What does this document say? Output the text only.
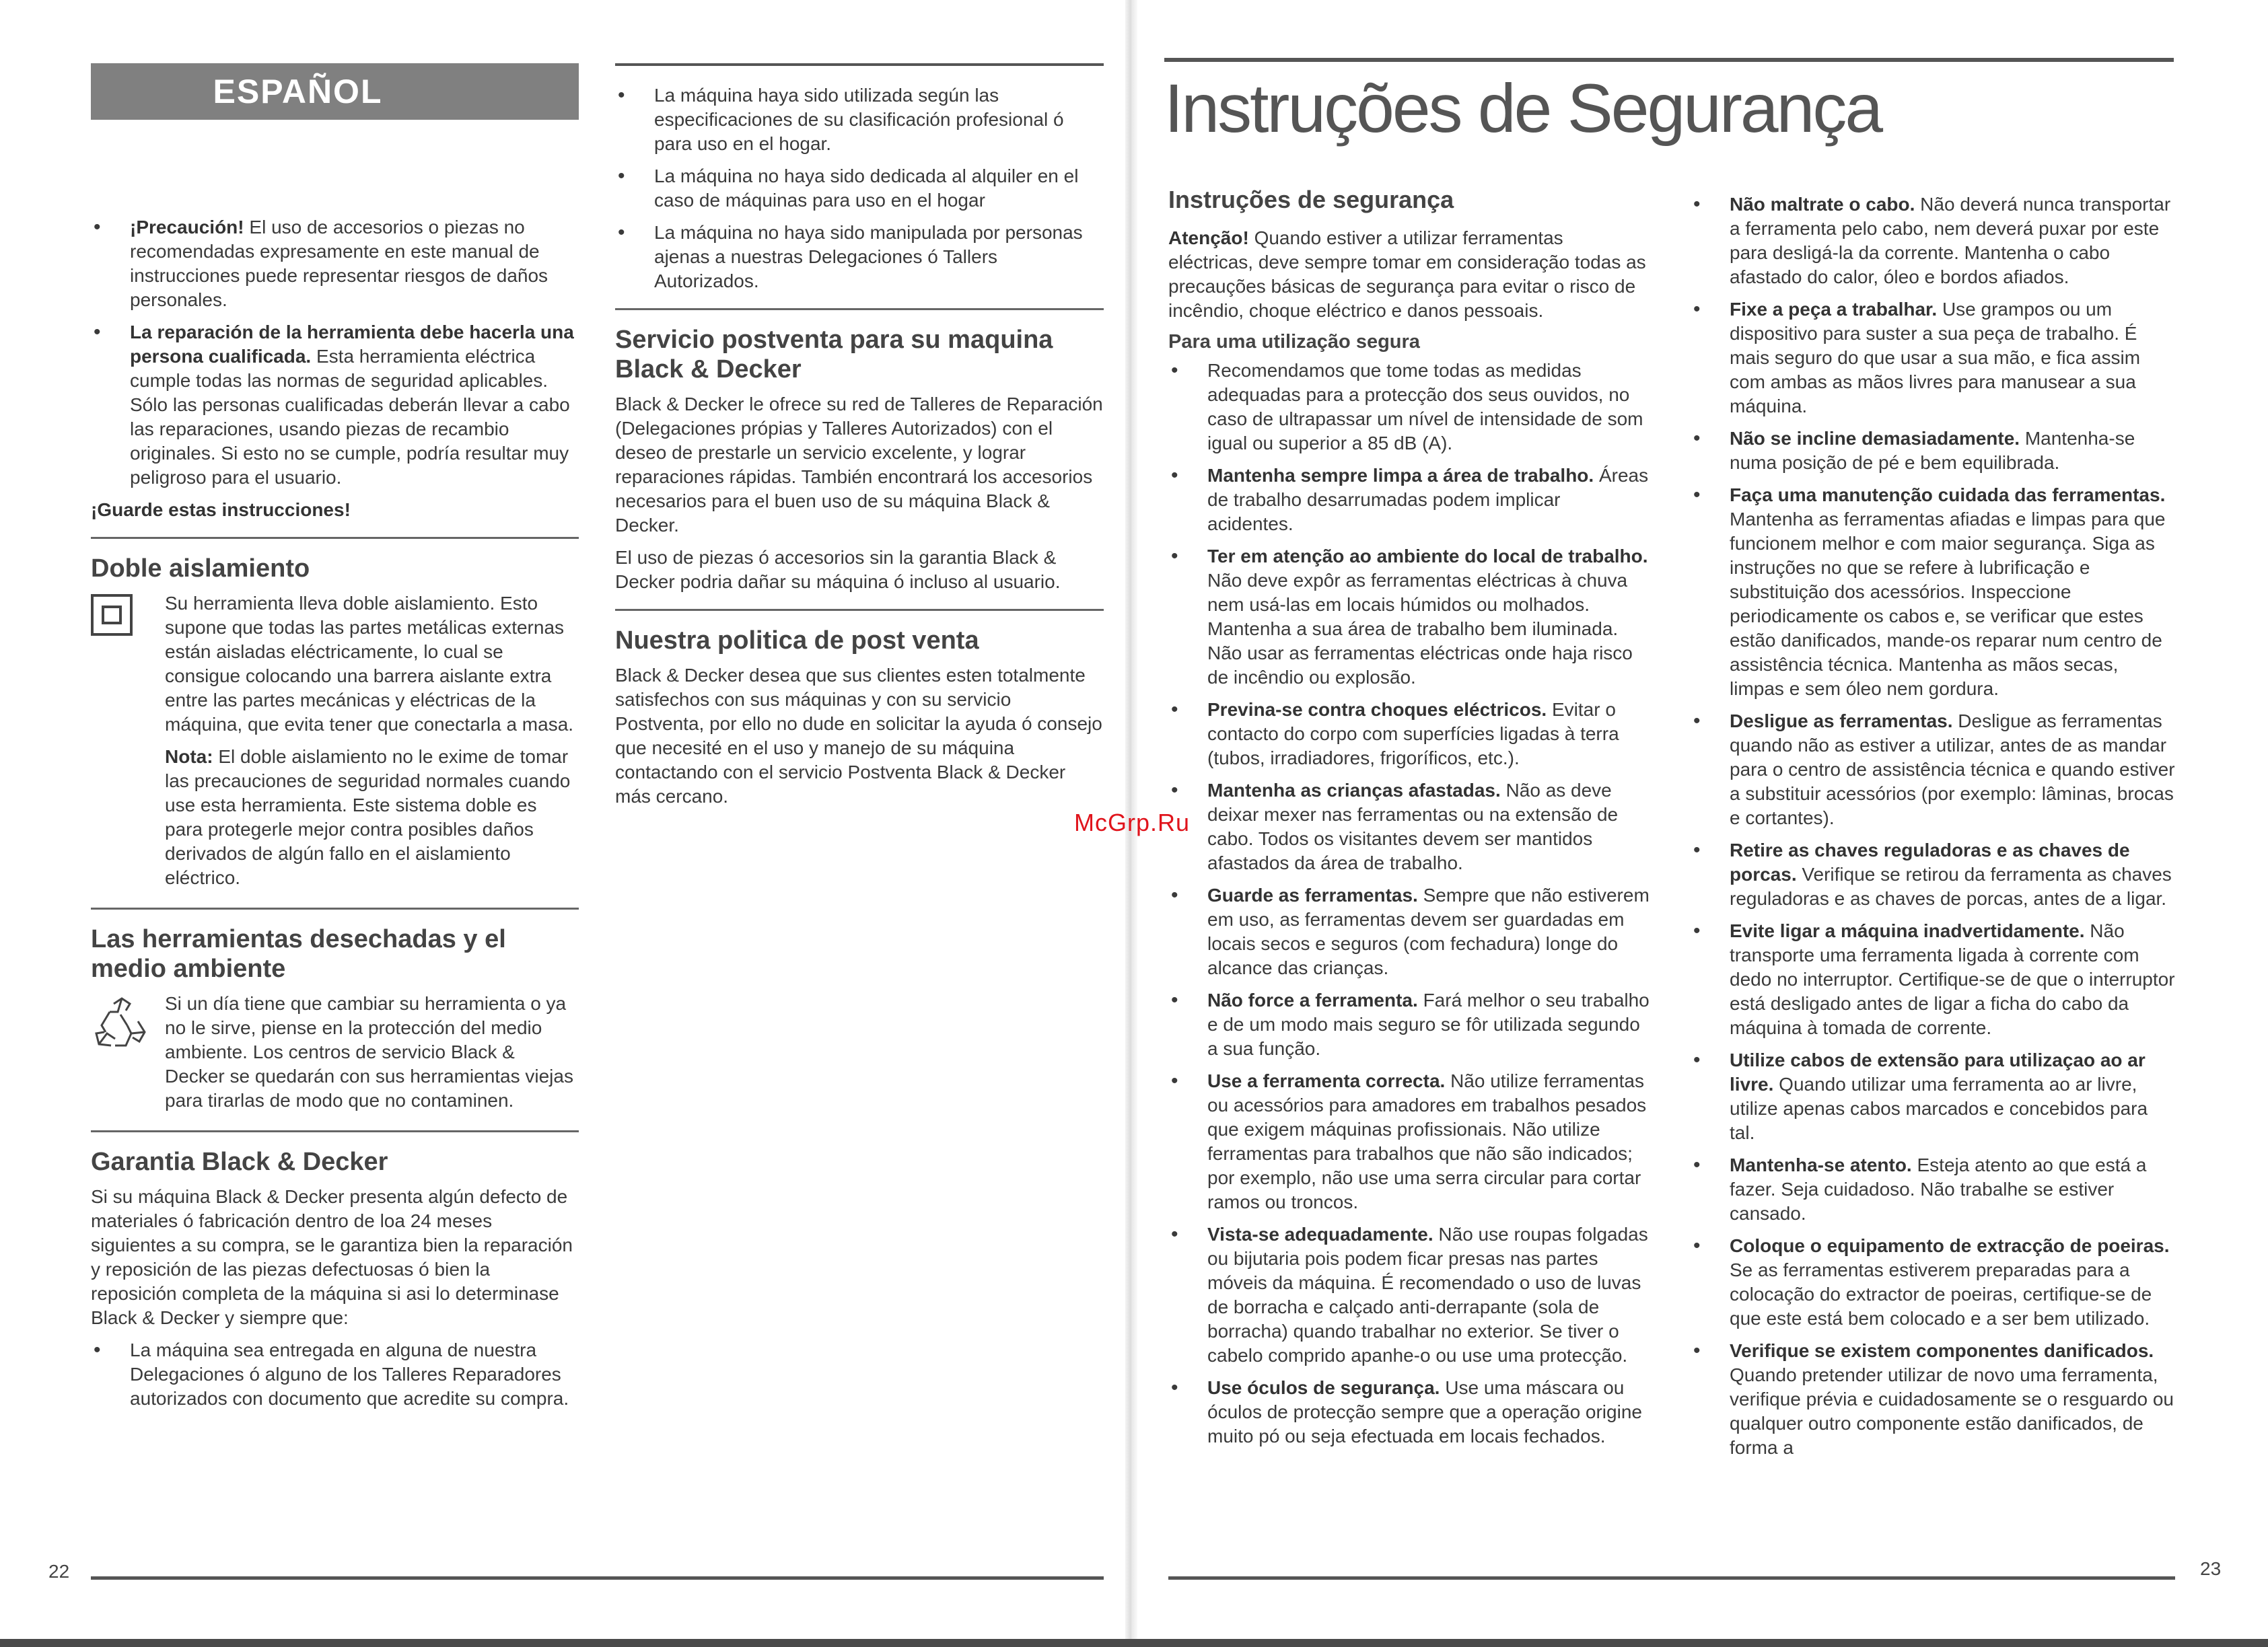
ESPAÑOL
• ¡Precaución! El uso de accesorios o piezas no recomendadas expresamente en este manual de instrucciones puede representar riesgos de daños personales.
• La reparación de la herramienta debe hacerla una persona cualificada. Esta herramienta eléctrica cumple todas las normas de seguridad aplicables. Sólo las personas cualificadas deberán llevar a cabo las reparaciones, usando piezas de recambio originales. Si esto no se cumple, podría resultar muy peligroso para el usuario.
¡Guarde estas instrucciones!
Doble aislamiento

Su herramienta lleva doble aislamiento. Esto supone que todas las partes metálicas externas están aisladas eléctricamente, lo cual se consigue colocando una barrera aislante extra entre las partes mecánicas y eléctricas de la máquina, que evita tener que conectarla a masa.

Nota: El doble aislamiento no le exime de tomar las precauciones de seguridad normales cuando use esta herramienta. Este sistema doble es para protegerle mejor contra posibles daños derivados de algún fallo en el aislamiento eléctrico.

Las herramientas desechadas y el medio ambiente

Si un día tiene que cambiar su herramienta o ya no le sirve, piense en la protección del medio ambiente. Los centros de servicio Black & Decker se quedarán con sus herramientas viejas para tirarlas de modo que no contaminen.

Garantia Black & Decker

Si su máquina Black & Decker presenta algún defecto de materiales ó fabricación dentro de loa 24 meses siguientes a su compra, se le garantiza bien la reparación y reposición de las piezas defectuosas ó bien la reposición completa de la máquina si asi lo determinase Black & Decker y siempre que:

• La máquina sea entregada en alguna de nuestra Delegaciones ó alguno de los Talleres Reparadores autorizados con documento que acredite su compra.
• La máquina haya sido utilizada según las especificaciones de su clasificación profesional ó para uso en el hogar.
• La máquina no haya sido dedicada al alquiler en el caso de máquinas para uso en el hogar
• La máquina no haya sido manipulada por personas ajenas a nuestras Delegaciones ó Tallers Autorizados.
Servicio postventa para su maquina Black & Decker

Black & Decker le ofrece su red de Talleres de Reparación (Delegaciones própias y Talleres Autorizados) con el deseo de prestarle un servicio excelente, y lograr reparaciones rápidas. También encontrará los accesorios necesarios para el buen uso de su máquina Black & Decker.

El uso de piezas ó accesorios sin la garantia Black & Decker podria dañar su máquina ó incluso al usuario.

Nuestra politica de post venta

Black & Decker desea que sus clientes esten totalmente satisfechos con sus máquinas y con su servicio Postventa, por ello no dude en solicitar la ayuda ó consejo que necesité en el uso y manejo de su máquina contactando con el servicio Postventa Black & Decker más cercano.

22
Instruções de Segurança
Instruções de segurança

Atenção! Quando estiver a utilizar ferramentas eléctricas, deve sempre tomar em consideração todas as precauções básicas de segurança para evitar o risco de incêndio, choque eléctrico e danos pessoais.

Para uma utilização segura
• Recomendamos que tome todas as medidas adequadas para a protecção dos seus ouvidos, no caso de ultrapassar um nível de intensidade de som igual ou superior a 85 dB (A).
• Mantenha sempre limpa a área de trabalho. Áreas de trabalho desarrumadas podem implicar acidentes.
• Ter em atenção ao ambiente do local de trabalho. Não deve expôr as ferramentas eléctricas à chuva nem usá-las em locais húmidos ou molhados. Mantenha a sua área de trabalho bem iluminada. Não usar as ferramentas eléctricas onde haja risco de incêndio ou explosão.
• Previna-se contra choques eléctricos. Evitar o contacto do corpo com superfícies ligadas à terra (tubos, irradiadores, frigoríficos, etc.).
• Mantenha as crianças afastadas. Não as deve deixar mexer nas ferramentas ou na extensão de cabo. Todos os visitantes devem ser mantidos afastados da área de trabalho.
• Guarde as ferramentas. Sempre que não estiverem em uso, as ferramentas devem ser guardadas em locais secos e seguros (com fechadura) longe do alcance das crianças.
• Não force a ferramenta. Fará melhor o seu trabalho e de um modo mais seguro se fôr utilizada segundo a sua função.
• Use a ferramenta correcta. Não utilize ferramentas ou acessórios para amadores em trabalhos pesados que exigem máquinas profissionais. Não utilize ferramentas para trabalhos que não são indicados; por exemplo, não use uma serra circular para cortar ramos ou troncos.
• Vista-se adequadamente. Não use roupas folgadas ou bijutaria pois podem ficar presas nas partes móveis da máquina. É recomendado o uso de luvas de borracha e calçado anti-derrapante (sola de borracha) quando trabalhar no exterior. Se tiver o cabelo comprido apanhe-o ou use uma protecção.
• Use óculos de segurança. Use uma máscara ou óculos de protecção sempre que a operação origine muito pó ou seja efectuada em locais fechados.
• Não maltrate o cabo. Não deverá nunca transportar a ferramenta pelo cabo, nem deverá puxar por este para desligá-la da corrente. Mantenha o cabo afastado do calor, óleo e bordos afiados.
• Fixe a peça a trabalhar. Use grampos ou um dispositivo para suster a sua peça de trabalho. É mais seguro do que usar a sua mão, e fica assim com ambas as mãos livres para manusear a sua máquina.
• Não se incline demasiadamente. Mantenha-se numa posição de pé e bem equilibrada.
• Faça uma manutenção cuidada das ferramentas. Mantenha as ferramentas afiadas e limpas para que funcionem melhor e com maior segurança. Siga as instruções no que se refere à lubrificação e substituição dos acessórios. Inspeccione periodicamente os cabos e, se verificar que estes estão danificados, mande-os reparar num centro de assistência técnica. Mantenha as mãos secas, limpas e sem óleo nem gordura.
• Desligue as ferramentas. Desligue as ferramentas quando não as estiver a utilizar, antes de as mandar para o centro de assistência técnica e quando estiver a substituir acessórios (por exemplo: lâminas, brocas e cortantes).
• Retire as chaves reguladoras e as chaves de porcas. Verifique se retirou da ferramenta as chaves reguladoras e as chaves de porcas, antes de a ligar.
• Evite ligar a máquina inadvertidamente. Não transporte uma ferramenta ligada à corrente com dedo no interruptor. Certifique-se de que o interruptor está desligado antes de ligar a ficha do cabo da máquina à tomada de corrente.
• Utilize cabos de extensão para utilizaçao ao ar livre. Quando utilizar uma ferramenta ao ar livre, utilize apenas cabos marcados e concebidos para tal.
• Mantenha-se atento. Esteja atento ao que está a fazer. Seja cuidadoso. Não trabalhe se estiver cansado.
• Coloque o equipamento de extracção de poeiras. Se as ferramentas estiverem preparadas para a colocação do extractor de poeiras, certifique-se de que este está bem colocado e a ser bem utilizado.
• Verifique se existem componentes danificados. Quando pretender utilizar de novo uma ferramenta, verifique prévia e cuidadosamente se o resguardo ou qualquer outro componente estão danificados, de forma a
23
McGrp.Ru
